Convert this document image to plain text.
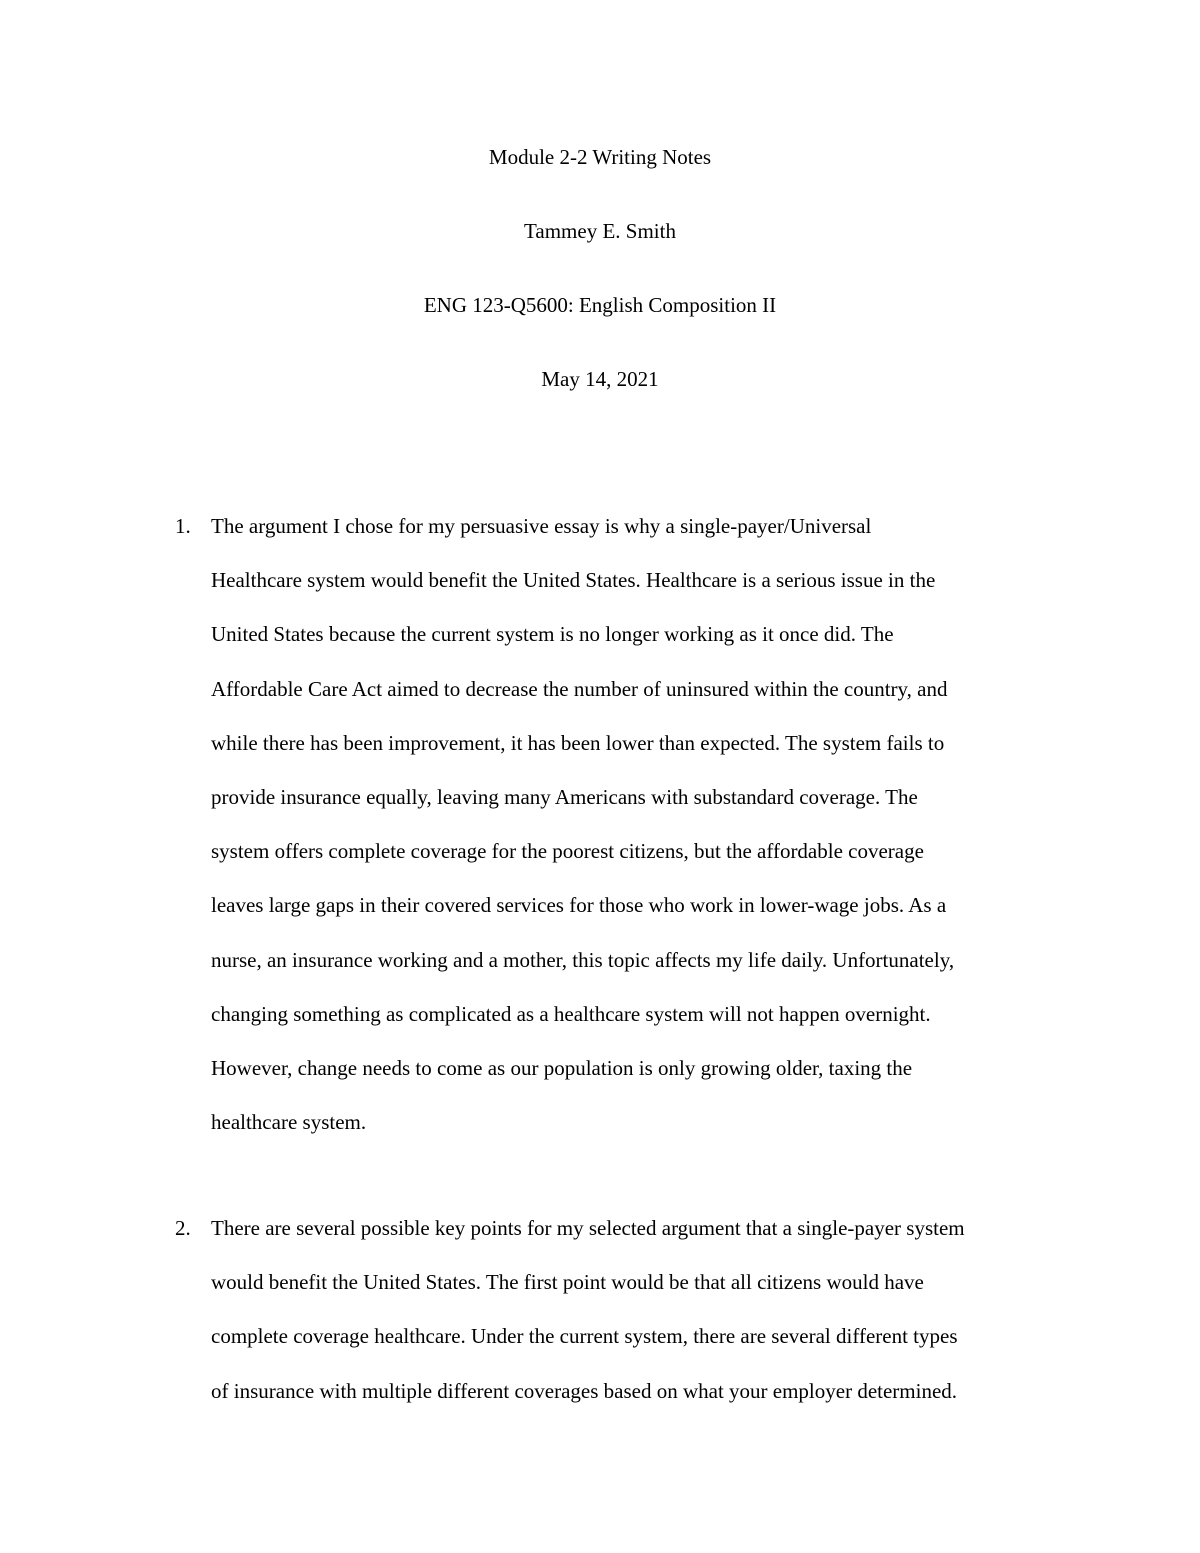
Module 2-2 Writing Notes
Tammey E. Smith
ENG 123-Q5600: English Composition II
May 14, 2021
1. The argument I chose for my persuasive essay is why a single-payer/Universal
Healthcare system would benefit the United States. Healthcare is a serious issue in the
United States because the current system is no longer working as it once did. The
Affordable Care Act aimed to decrease the number of uninsured within the country, and
while there has been improvement, it has been lower than expected. The system fails to
provide insurance equally, leaving many Americans with substandard coverage. The
system offers complete coverage for the poorest citizens, but the affordable coverage
leaves large gaps in their covered services for those who work in lower-wage jobs. As a
nurse, an insurance working and a mother, this topic affects my life daily. Unfortunately,
changing something as complicated as a healthcare system will not happen overnight.
However, change needs to come as our population is only growing older, taxing the
healthcare system.
2. There are several possible key points for my selected argument that a single-payer system
would benefit the United States. The first point would be that all citizens would have
complete coverage healthcare. Under the current system, there are several different types
of insurance with multiple different coverages based on what your employer determined.
